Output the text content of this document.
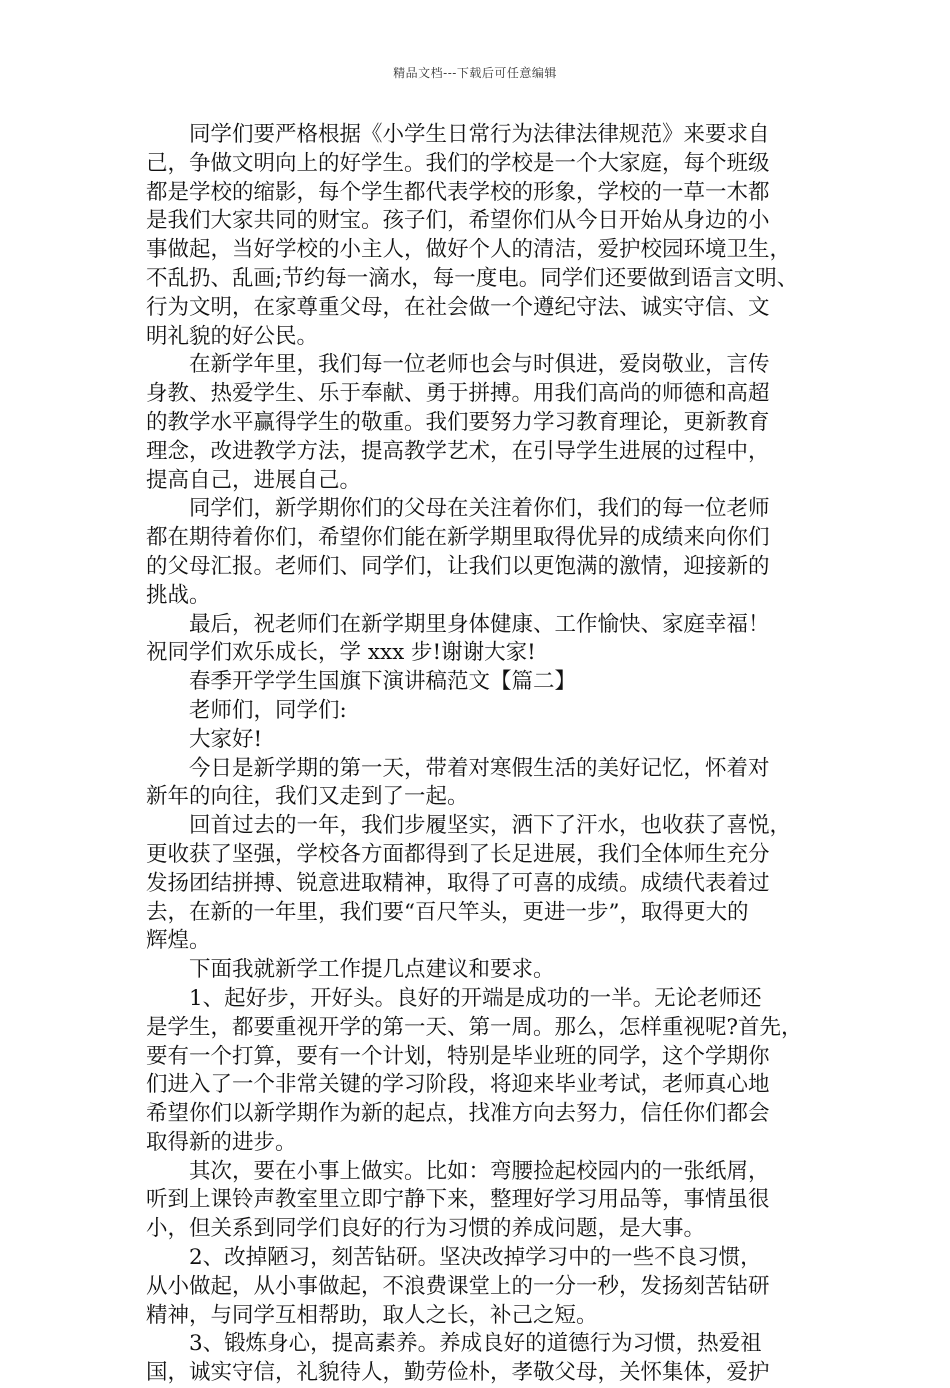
精品文档---下载后可任意编辑

　　同学们要严格根据《小学生日常行为法律法律规范》来要求自

己，争做文明向上的好学生。我们的学校是一个大家庭，每个班级

都是学校的缩影，每个学生都代表学校的形象，学校的一草一木都

是我们大家共同的财宝。孩子们，希望你们从今日开始从身边的小

事做起，当好学校的小主人，做好个人的清洁，爱护校园环境卫生，

不乱扔、乱画;节约每一滴水，每一度电。同学们还要做到语言文明、

行为文明，在家尊重父母，在社会做一个遵纪守法、诚实守信、文

明礼貌的好公民。

　　在新学年里，我们每一位老师也会与时俱进，爱岗敬业，言传

身教、热爱学生、乐于奉献、勇于拼搏。用我们高尚的师德和高超

的教学水平赢得学生的敬重。我们要努力学习教育理论，更新教育

理念，改进教学方法，提高教学艺术，在引导学生进展的过程中，

提高自己，进展自己。

　　同学们，新学期你们的父母在关注着你们，我们的每一位老师

都在期待着你们，希望你们能在新学期里取得优异的成绩来向你们

的父母汇报。老师们、同学们，让我们以更饱满的激情，迎接新的

挑战。

　　最后，祝老师们在新学期里身体健康、工作愉快、家庭幸福！

祝同学们欢乐成长，学 xxx 步!谢谢大家!

　　春季开学学生国旗下演讲稿范文【篇二】

　　老师们，同学们:

　　大家好!

　　今日是新学期的第一天，带着对寒假生活的美好记忆，怀着对

新年的向往，我们又走到了一起。

　　回首过去的一年，我们步履坚实，洒下了汗水，也收获了喜悦，

更收获了坚强，学校各方面都得到了长足进展，我们全体师生充分

发扬团结拼搏、锐意进取精神，取得了可喜的成绩。成绩代表着过

去，在新的一年里，我们要“百尺竿头，更进一步”，取得更大的

辉煌。

　　下面我就新学工作提几点建议和要求。

　　1、起好步，开好头。良好的开端是成功的一半。无论老师还

是学生，都要重视开学的第一天、第一周。那么，怎样重视呢?首先，

要有一个打算，要有一个计划，特别是毕业班的同学，这个学期你

们进入了一个非常关键的学习阶段，将迎来毕业考试，老师真心地

希望你们以新学期作为新的起点，找准方向去努力，信任你们都会

取得新的进步。

　　其次，要在小事上做实。比如：弯腰捡起校园内的一张纸屑，

听到上课铃声教室里立即宁静下来，整理好学习用品等，事情虽很

小，但关系到同学们良好的行为习惯的养成问题，是大事。

　　2、改掉陋习，刻苦钻研。坚决改掉学习中的一些不良习惯，

从小做起，从小事做起，不浪费课堂上的一分一秒，发扬刻苦钻研

精神，与同学互相帮助，取人之长，补己之短。

　　3、锻炼身心，提高素养。养成良好的道德行为习惯，热爱祖

国，诚实守信，礼貌待人，勤劳俭朴，孝敬父母，关怀集体，爱护
